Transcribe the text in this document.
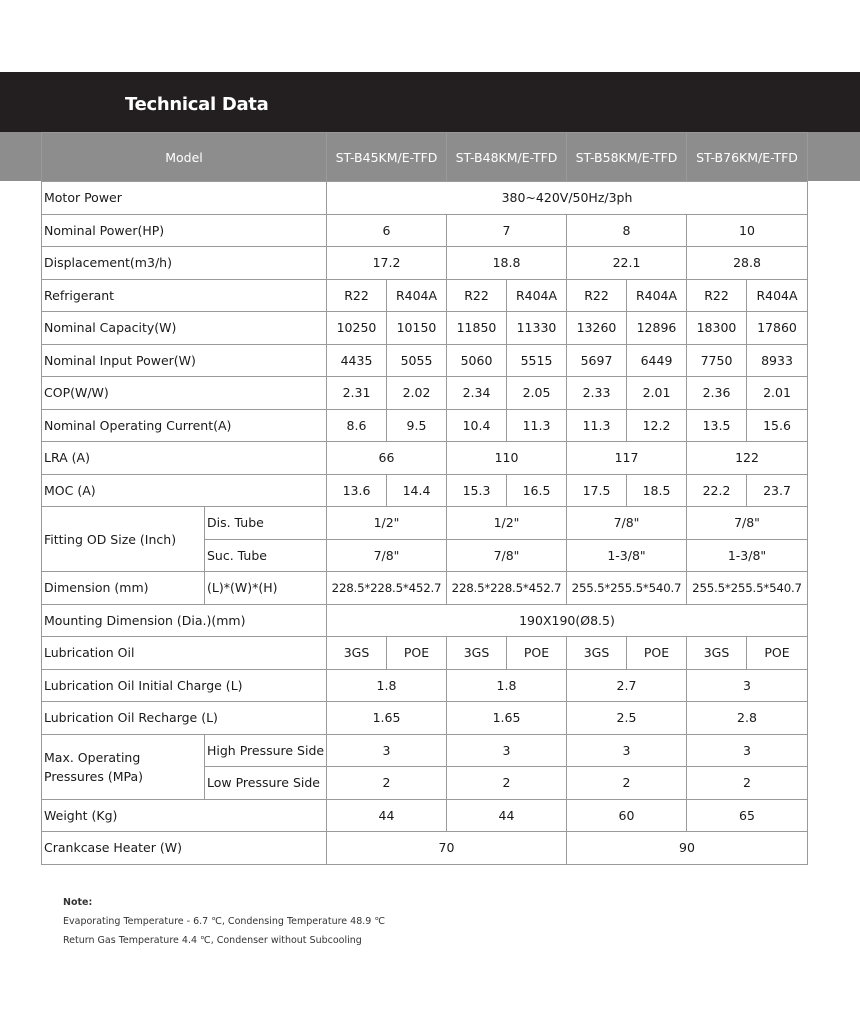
Technical Data
Model		ST-B45KM/E-TFD		ST-B48KM/E-TFD		ST-B58KM/E-TFD		ST-B76KM/E-TFD	
Motor Power		380~420V/50Hz/3ph							
Nominal Power(HP)		6		7		8		10	
Displacement(m3/h)		17.2		18.8		22.1		28.8	
Refrigerant		R22	R404A	R22	R404A	R22	R404A	R22	R404A
Nominal Capacity(W)		10250	10150	11850	11330	13260	12896	18300	17860
Nominal Input Power(W)		4435	5055	5060	5515	5697	6449	7750	8933
COP(W/W)		2.31	2.02	2.34	2.05	2.33	2.01	2.36	2.01
Nominal Operating Current(A)		8.6	9.5	10.4	11.3	11.3	12.2	13.5	15.6
LRA (A)		66		110		117		122	
MOC (A)		13.6	14.4	15.3	16.5	17.5	18.5	22.2	23.7
Fitting OD Size (Inch)	Dis. Tube	1/2"		1/2"		7/8"		7/8"	
	Suc. Tube	7/8"		7/8"		1-3/8"		1-3/8"	
Dimension (mm)	(L)*(W)*(H)	228.5*228.5*452.7		228.5*228.5*452.7		255.5*255.5*540.7		255.5*255.5*540.7	
Mounting Dimension (Dia.)(mm)		190X190(Ø8.5)							
Lubrication Oil		3GS	POE	3GS	POE	3GS	POE	3GS	POE
Lubrication Oil Initial Charge (L)		1.8		1.8		2.7		3	
Lubrication Oil Recharge (L)		1.65		1.65		2.5		2.8	
Max. Operating Pressures (MPa)	High Pressure Side	3		3		3		3	
	Low Pressure Side	2		2		2		2	
Weight (Kg)		44		44		60		65	
Crankcase Heater (W)		70				90			
Note:
Evaporating Temperature - 6.7 ℃, Condensing Temperature 48.9 ℃
Return Gas Temperature 4.4 ℃, Condenser without Subcooling
